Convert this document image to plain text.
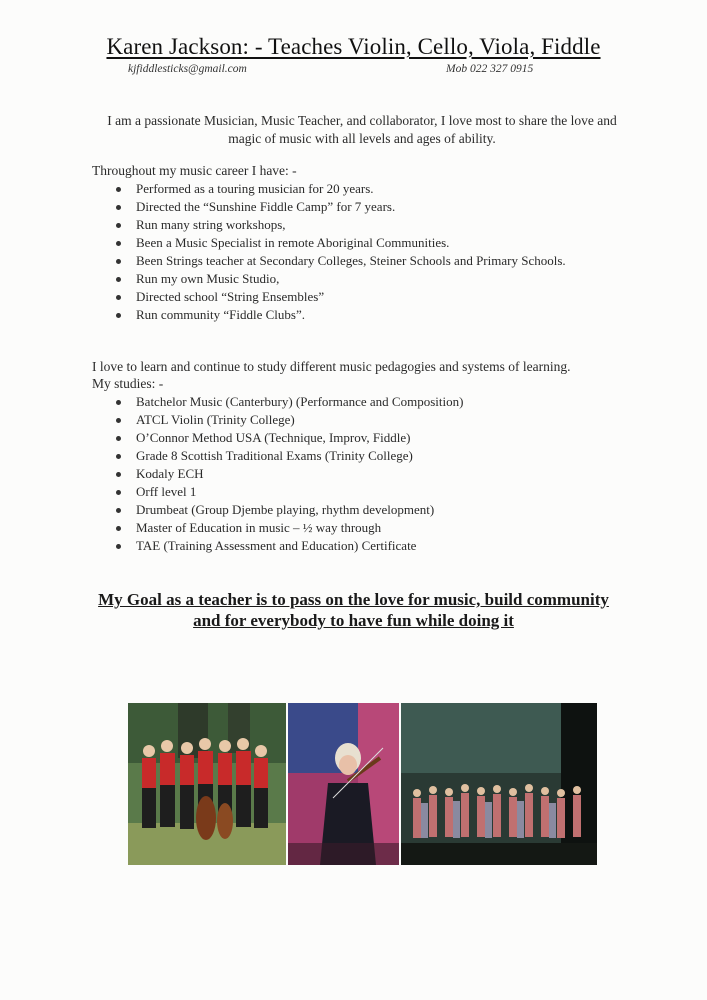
Karen Jackson: - Teaches Violin, Cello, Viola, Fiddle
kjfiddlesticks@gmail.com	Mob 022 327 0915
I am a passionate Musician, Music Teacher, and collaborator, I love most to share the love and magic of music with all levels and ages of ability.
Throughout my music career I have: -
Performed as a touring musician for 20 years.
Directed the “Sunshine Fiddle Camp” for 7 years.
Run many string workshops,
Been a Music Specialist in remote Aboriginal Communities.
Been Strings teacher at Secondary Colleges, Steiner Schools and Primary Schools.
Run my own Music Studio,
Directed school “String Ensembles”
Run community “Fiddle Clubs”.
I love to learn and continue to study different music pedagogies and systems of learning.
My studies: -
Batchelor Music (Canterbury) (Performance and Composition)
ATCL Violin (Trinity College)
O’Connor Method USA (Technique, Improv, Fiddle)
Grade 8 Scottish Traditional Exams (Trinity College)
Kodaly ECH
Orff level 1
Drumbeat (Group Djembe playing, rhythm development)
Master of Education in music – ½ way through
TAE (Training Assessment and Education) Certificate
My Goal as a teacher is to pass on the love for music, build community
and for everybody to have fun while doing it
